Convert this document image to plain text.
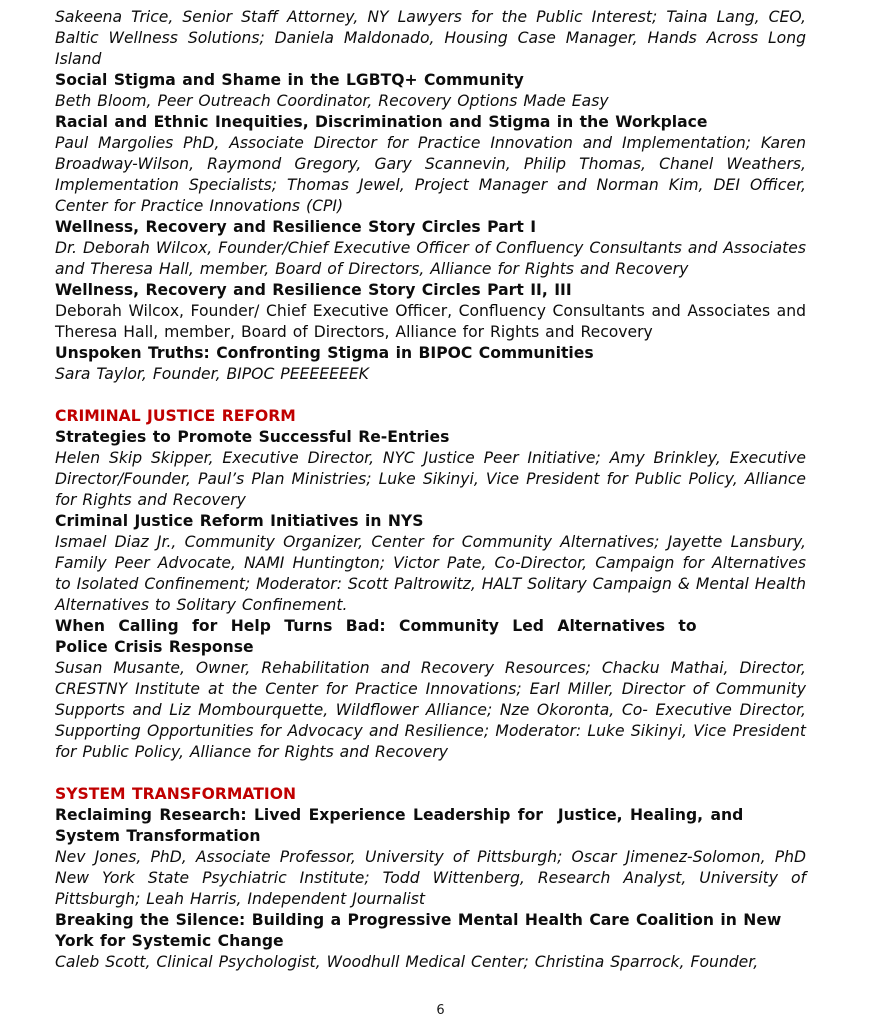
Sakeena Trice, Senior Staff Attorney, NY Lawyers for the Public Interest; Taina Lang, CEO, Baltic Wellness Solutions; Daniela Maldonado, Housing Case Manager, Hands Across Long Island
Social Stigma and Shame in the LGBTQ+ Community
Beth Bloom, Peer Outreach Coordinator, Recovery Options Made Easy
Racial and Ethnic Inequities, Discrimination and Stigma in the Workplace
Paul Margolies PhD, Associate Director for Practice Innovation and Implementation; Karen Broadway-Wilson, Raymond Gregory, Gary Scannevin, Philip Thomas, Chanel Weathers, Implementation Specialists; Thomas Jewel, Project Manager and Norman Kim, DEI Officer, Center for Practice Innovations (CPI)
Wellness, Recovery and Resilience Story Circles Part I
Dr. Deborah Wilcox, Founder/Chief Executive Officer of Confluency Consultants and Associates and Theresa Hall, member, Board of Directors, Alliance for Rights and Recovery
Wellness, Recovery and Resilience Story Circles Part II, III
Deborah Wilcox, Founder/ Chief Executive Officer, Confluency Consultants and Associates and Theresa Hall, member, Board of Directors, Alliance for Rights and Recovery
Unspoken Truths: Confronting Stigma in BIPOC Communities
Sara Taylor, Founder, BIPOC PEEEEEEEK
CRIMINAL JUSTICE REFORM
Strategies to Promote Successful Re-Entries
Helen Skip Skipper, Executive Director, NYC Justice Peer Initiative; Amy Brinkley, Executive Director/Founder, Paul’s Plan Ministries; Luke Sikinyi, Vice President for Public Policy, Alliance for Rights and Recovery
Criminal Justice Reform Initiatives in NYS
Ismael Diaz Jr., Community Organizer, Center for Community Alternatives; Jayette Lansbury, Family Peer Advocate, NAMI Huntington; Victor Pate, Co-Director, Campaign for Alternatives to Isolated Confinement; Moderator: Scott Paltrowitz, HALT Solitary Campaign & Mental Health Alternatives to Solitary Confinement.
When Calling for Help Turns Bad: Community Led Alternatives to
Police Crisis Response
Susan Musante, Owner, Rehabilitation and Recovery Resources; Chacku Mathai, Director, CRESTNY Institute at the Center for Practice Innovations; Earl Miller, Director of Community Supports and Liz Mombourquette, Wildflower Alliance; Nze Okoronta, Co- Executive Director, Supporting Opportunities for Advocacy and Resilience; Moderator: Luke Sikinyi, Vice President for Public Policy, Alliance for Rights and Recovery
SYSTEM TRANSFORMATION
Reclaiming Research: Lived Experience Leadership for  Justice, Healing, and
System Transformation
Nev Jones, PhD, Associate Professor, University of Pittsburgh; Oscar Jimenez-Solomon, PhD New York State Psychiatric Institute; Todd Wittenberg, Research Analyst, University of Pittsburgh; Leah Harris, Independent Journalist
Breaking the Silence: Building a Progressive Mental Health Care Coalition in New
York for Systemic Change
Caleb Scott, Clinical Psychologist, Woodhull Medical Center; Christina Sparrock, Founder,
6
